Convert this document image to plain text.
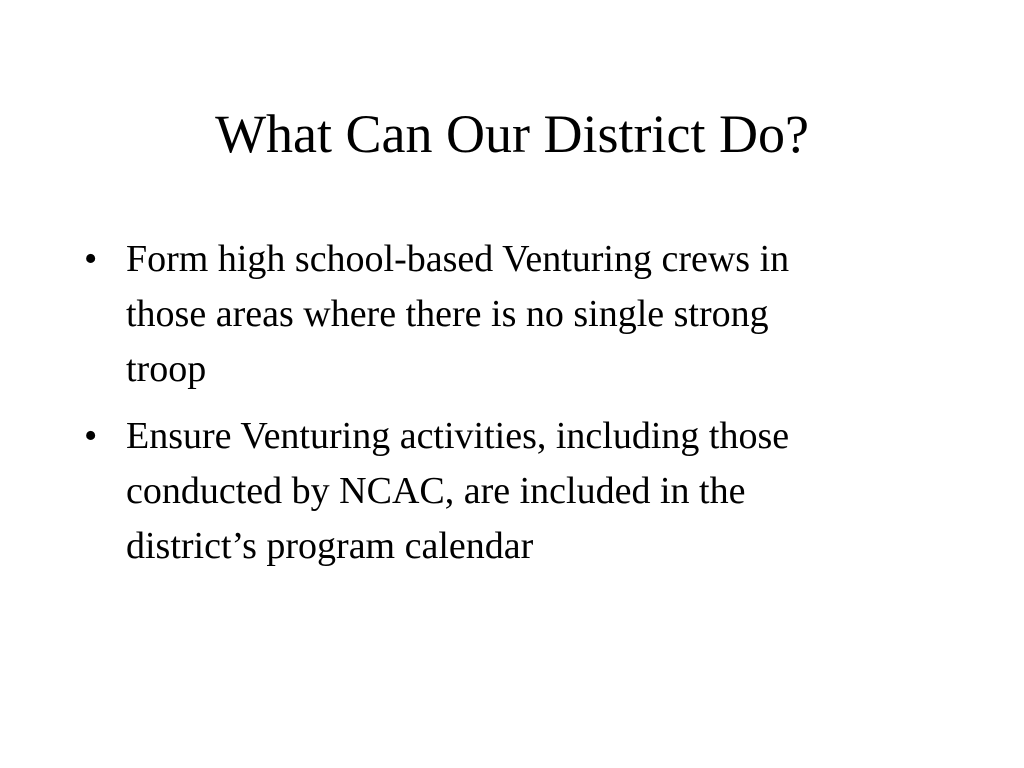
What Can Our District Do?
• Form high school-based Venturing crews in
those areas where there is no single strong
troop
• Ensure Venturing activities, including those
conducted by NCAC, are included in the
district’s program calendar
